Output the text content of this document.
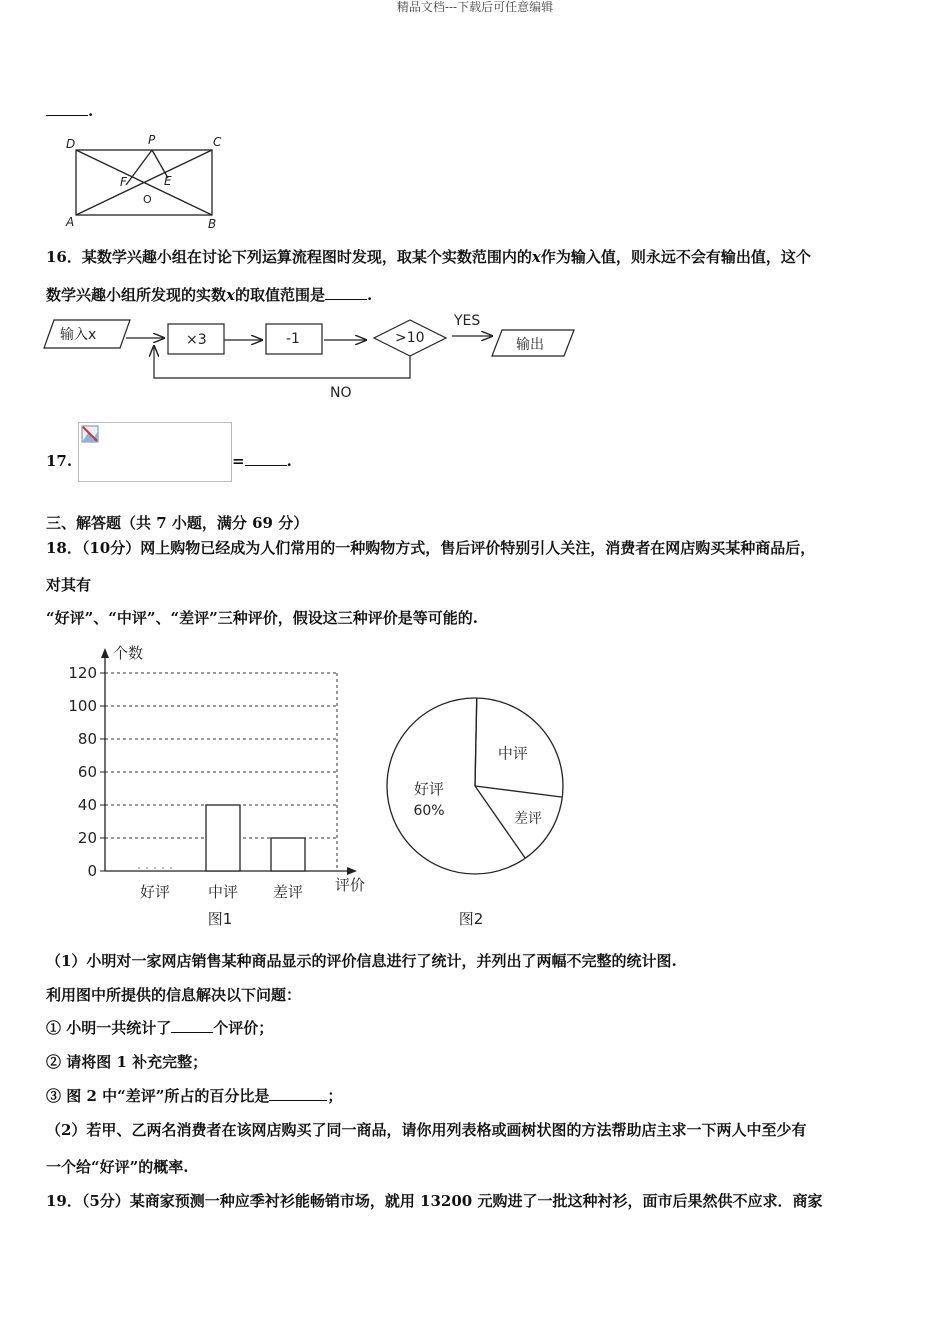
精品文档---下载后可任意编辑
.
D	P	C
F	E
O
A	B
16．某数学兴趣小组在讨论下列运算流程图时发现，取某个实数范围内的x作为输入值，则永远不会有输出值，这个
数学兴趣小组所发现的实数x的取值范围是	.
输入x	×3	-1	>10
YES
NO
输出
17.	=	.
三、解答题（共 7 小题，满分 69 分）
18．（10分）网上购物已经成为人们常用的一种购物方式，售后评价特别引人关注，消费者在网店购买某种商品后，
对其有
“好评”、“中评”、“差评”三种评价，假设这三种评价是等可能的.
0
20
40
60
80
100
120
个数
评价
好评	中评 差评
图1
中评
差评
好评
60%
图2
（1）小明对一家网店销售某种商品显示的评价信息进行了统计，并列出了两幅不完整的统计图.
利用图中所提供的信息解决以下问题：
① 小明一共统计了	个评价；
② 请将图 1 补充完整；
③ 图 2 中“差评”所占的百分比是	；
（2）若甲、乙两名消费者在该网店购买了同一商品，请你用列表格或画树状图的方法帮助店主求一下两人中至少有
一个给“好评”的概率.
19．（5分）某商家预测一种应季衬衫能畅销市场，就用 13200 元购进了一批这种衬衫，面市后果然供不应求．商家
